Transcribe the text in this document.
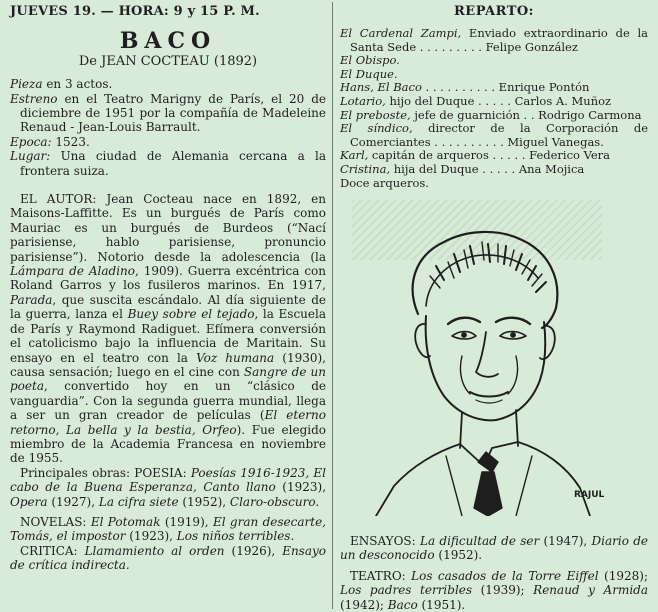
JUEVES 19. — HORA: 9 y 15 P. M.
BACO
De JEAN COCTEAU (1892)

Pieza en 3 actos.

Estreno en el Teatro Marigny de París, el 20 de diciembre de 1951 por la compañía de Madeleine Renaud - Jean-Louis Barrault.

Epoca: 1523.

Lugar: Una ciudad de Alemania cercana a la frontera suiza.

EL AUTOR: Jean Cocteau nace en 1892, en Maisons-Laffitte. Es un burgués de París como Mauriac es un burgués de Burdeos (“Nací parisiense, hablo parisiense, pronuncio parisiense”). Notorio desde la adolescencia (la Lámpara de Aladino, 1909). Guerra excéntrica con Roland Garros y los fusileros marinos. En 1917, Parada, que suscita escándalo. Al día siguiente de la guerra, lanza el Buey sobre el tejado, la Escuela de París y Raymond Radiguet. Efímera conversión el catolicismo bajo la influencia de Maritain. Su ensayo en el teatro con la Voz humana (1930), causa sensación; luego en el cine con Sangre de un poeta, convertido hoy en un “clásico de vanguardia”. Con la segunda guerra mundial, llega a ser un gran creador de películas (El eterno retorno, La bella y la bestia, Orfeo). Fue elegido miembro de la Academia Francesa en noviembre de 1955.

Principales obras: POESIA: Poesías 1916-1923, El cabo de la Buena Esperanza, Canto llano (1923), Opera (1927), La cifra siete (1952), Claro-obscuro.

NOVELAS: El Potomak (1919), El gran desecarte, Tomás, el impostor (1923), Los niños terribles.

CRITICA: Llamamiento al orden (1926), Ensayo de crítica indirecta.

REPARTO:

El Cardenal Zampi, Enviado extraordinario de la Santa Sede . . . . . . . . . Felipe González

El Obispo.

El Duque.

Hans, El Baco . . . . . . . . . . Enrique Pontón

Lotario, hijo del Duque . . . . . Carlos A. Muñoz

El preboste, jefe de guarnición . . Rodrigo Carmona

El síndico, director de la Corporación de Comerciantes . . . . . . . . . . Miguel Vanegas.

Karl, capitán de arqueros . . . . . Federico Vera

Cristina, hija del Duque . . . . . Ana Mojica

Doce arqueros.

RAJUL

ENSAYOS: La dificultad de ser (1947), Diario de un desconocido (1952).

TEATRO: Los casados de la Torre Eiffel (1928); Los padres terribles (1939); Renaud y Armida (1942); Baco (1951).
